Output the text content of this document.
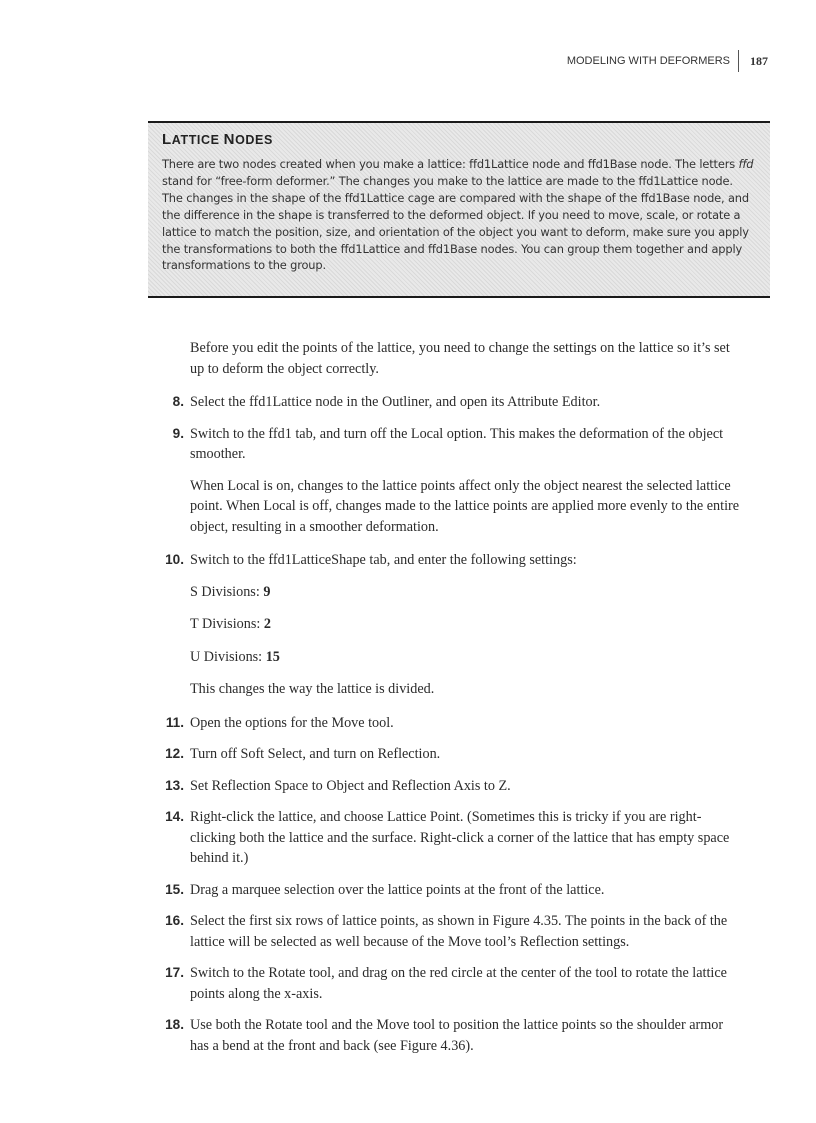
MODELING WITH DEFORMERS	187
LATTICE NODES
There are two nodes created when you make a lattice: ffd1Lattice node and ffd1Base node. The letters ffd stand for “free-form deformer.” The changes you make to the lattice are made to the ffd1Lattice node. The changes in the shape of the ffd1Lattice cage are compared with the shape of the ffd1Base node, and the difference in the shape is transferred to the deformed object. If you need to move, scale, or rotate a lattice to match the position, size, and orientation of the object you want to deform, make sure you apply the transformations to both the ffd1Lattice and ffd1Base nodes. You can group them together and apply transformations to the group.

Before you edit the points of the lattice, you need to change the settings on the lattice so it’s set up to deform the object correctly.

8. Select the ffd1Lattice node in the Outliner, and open its Attribute Editor.
9. Switch to the ffd1 tab, and turn off the Local option. This makes the deformation of the object smoother.

When Local is on, changes to the lattice points affect only the object nearest the selected lattice point. When Local is off, changes made to the lattice points are applied more evenly to the entire object, resulting in a smoother deformation.

10. Switch to the ffd1LatticeShape tab, and enter the following settings:
S Divisions: 9
T Divisions: 2
U Divisions: 15

This changes the way the lattice is divided.

11. Open the options for the Move tool.
12. Turn off Soft Select, and turn on Reflection.
13. Set Reflection Space to Object and Reflection Axis to Z.
14. Right-click the lattice, and choose Lattice Point. (Sometimes this is tricky if you are right-clicking both the lattice and the surface. Right-click a corner of the lattice that has empty space behind it.)
15. Drag a marquee selection over the lattice points at the front of the lattice.
16. Select the first six rows of lattice points, as shown in Figure 4.35. The points in the back of the lattice will be selected as well because of the Move tool’s Reflection settings.
17. Switch to the Rotate tool, and drag on the red circle at the center of the tool to rotate the lattice points along the x-axis.
18. Use both the Rotate tool and the Move tool to position the lattice points so the shoulder armor has a bend at the front and back (see Figure 4.36).
